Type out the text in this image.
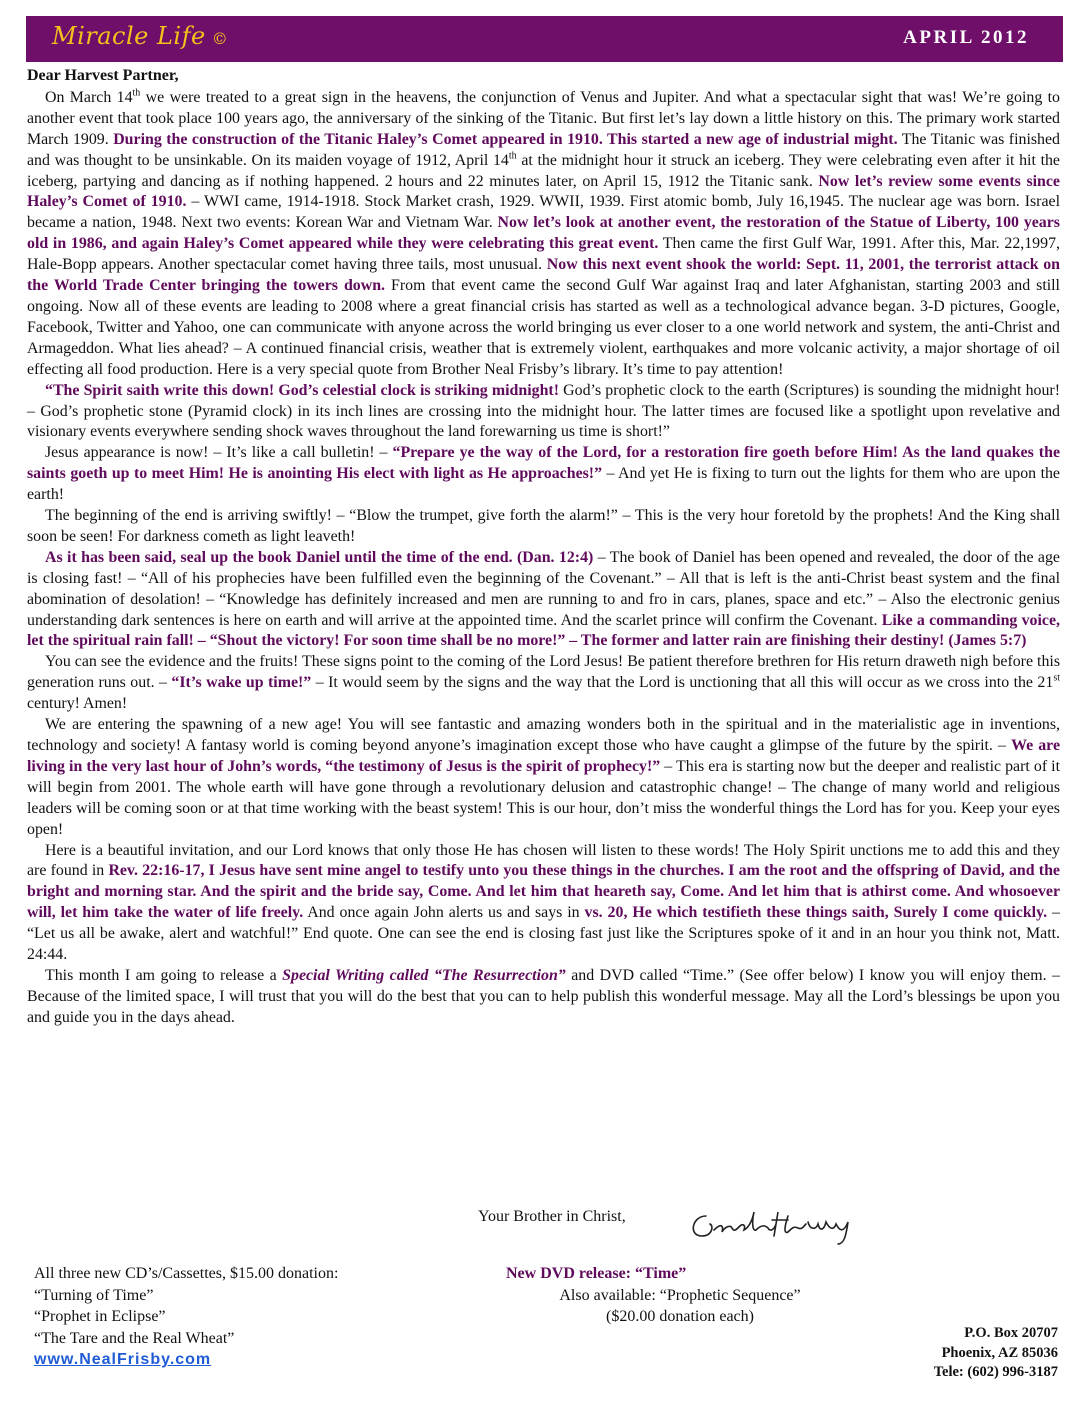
Miracle Life ©	APRIL 2012
Dear Harvest Partner,

On March 14th we were treated to a great sign in the heavens, the conjunction of Venus and Jupiter. And what a spectacular sight that was! We’re going to another event that took place 100 years ago, the anniversary of the sinking of the Titanic. But first let’s lay down a little history on this. The primary work started March 1909. During the construction of the Titanic Haley’s Comet appeared in 1910. This started a new age of industrial might. The Titanic was finished and was thought to be unsinkable. On its maiden voyage of 1912, April 14th at the midnight hour it struck an iceberg. They were celebrating even after it hit the iceberg, partying and dancing as if nothing happened. 2 hours and 22 minutes later, on April 15, 1912 the Titanic sank. Now let’s review some events since Haley’s Comet of 1910. – WWI came, 1914-1918. Stock Market crash, 1929. WWII, 1939. First atomic bomb, July 16,1945. The nuclear age was born. Israel became a nation, 1948. Next two events: Korean War and Vietnam War. Now let’s look at another event, the restoration of the Statue of Liberty, 100 years old in 1986, and again Haley’s Comet appeared while they were celebrating this great event. Then came the first Gulf War, 1991. After this, Mar. 22,1997, Hale-Bopp appears. Another spectacular comet having three tails, most unusual. Now this next event shook the world: Sept. 11, 2001, the terrorist attack on the World Trade Center bringing the towers down. From that event came the second Gulf War against Iraq and later Afghanistan, starting 2003 and still ongoing. Now all of these events are leading to 2008 where a great financial crisis has started as well as a technological advance began. 3-D pictures, Google, Facebook, Twitter and Yahoo, one can communicate with anyone across the world bringing us ever closer to a one world network and system, the anti-Christ and Armageddon. What lies ahead? – A continued financial crisis, weather that is extremely violent, earthquakes and more volcanic activity, a major shortage of oil effecting all food production. Here is a very special quote from Brother Neal Frisby’s library. It’s time to pay attention!

“The Spirit saith write this down! God’s celestial clock is striking midnight! God’s prophetic clock to the earth (Scriptures) is sounding the midnight hour! – God’s prophetic stone (Pyramid clock) in its inch lines are crossing into the midnight hour. The latter times are focused like a spotlight upon revelative and visionary events everywhere sending shock waves throughout the land forewarning us time is short!”

Jesus appearance is now! – It’s like a call bulletin! – “Prepare ye the way of the Lord, for a restoration fire goeth before Him! As the land quakes the saints goeth up to meet Him! He is anointing His elect with light as He approaches!” – And yet He is fixing to turn out the lights for them who are upon the earth!

The beginning of the end is arriving swiftly! – “Blow the trumpet, give forth the alarm!” – This is the very hour foretold by the prophets! And the King shall soon be seen! For darkness cometh as light leaveth!

As it has been said, seal up the book Daniel until the time of the end. (Dan. 12:4) – The book of Daniel has been opened and revealed, the door of the age is closing fast! – “All of his prophecies have been fulfilled even the beginning of the Covenant.” – All that is left is the anti-Christ beast system and the final abomination of desolation! – “Knowledge has definitely increased and men are running to and fro in cars, planes, space and etc.” – Also the electronic genius understanding dark sentences is here on earth and will arrive at the appointed time. And the scarlet prince will confirm the Covenant. Like a commanding voice, let the spiritual rain fall! – “Shout the victory! For soon time shall be no more!” – The former and latter rain are finishing their destiny! (James 5:7)

You can see the evidence and the fruits! These signs point to the coming of the Lord Jesus! Be patient therefore brethren for His return draweth nigh before this generation runs out. – “It’s wake up time!” – It would seem by the signs and the way that the Lord is unctioning that all this will occur as we cross into the 21st century! Amen!

We are entering the spawning of a new age! You will see fantastic and amazing wonders both in the spiritual and in the materialistic age in inventions, technology and society! A fantasy world is coming beyond anyone’s imagination except those who have caught a glimpse of the future by the spirit. – We are living in the very last hour of John’s words, “the testimony of Jesus is the spirit of prophecy!” – This era is starting now but the deeper and realistic part of it will begin from 2001. The whole earth will have gone through a revolutionary delusion and catastrophic change! – The change of many world and religious leaders will be coming soon or at that time working with the beast system! This is our hour, don’t miss the wonderful things the Lord has for you. Keep your eyes open!

Here is a beautiful invitation, and our Lord knows that only those He has chosen will listen to these words! The Holy Spirit unctions me to add this and they are found in Rev. 22:16-17, I Jesus have sent mine angel to testify unto you these things in the churches. I am the root and the offspring of David, and the bright and morning star. And the spirit and the bride say, Come. And let him that heareth say, Come. And let him that is athirst come. And whosoever will, let him take the water of life freely. And once again John alerts us and says in vs. 20, He which testifieth these things saith, Surely I come quickly. – “Let us all be awake, alert and watchful!” End quote. One can see the end is closing fast just like the Scriptures spoke of it and in an hour you think not, Matt. 24:44.

This month I am going to release a Special Writing called “The Resurrection” and DVD called “Time.” (See offer below) I know you will enjoy them. – Because of the limited space, I will trust that you will do the best that you can to help publish this wonderful message. May all the Lord’s blessings be upon you and guide you in the days ahead.

Your Brother in Christ,
All three new CD’s/Cassettes, $15.00 donation:
“Turning of Time”
“Prophet in Eclipse”
“The Tare and the Real Wheat”
www.NealFrisby.com
New DVD release: “Time”
Also available: “Prophetic Sequence”
($20.00 donation each)
P.O. Box 20707
Phoenix, AZ 85036
Tele: (602) 996-3187
